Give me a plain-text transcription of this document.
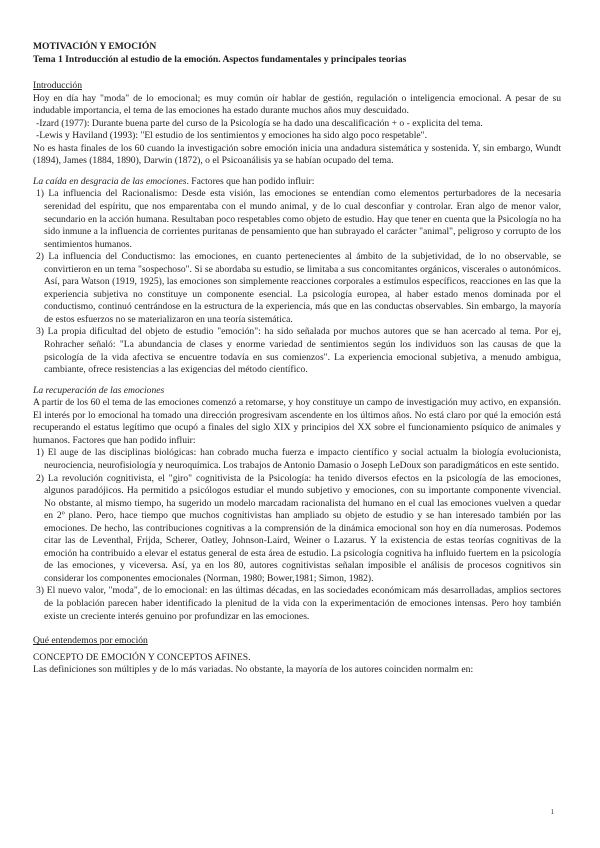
MOTIVACIÓN Y EMOCIÓN

Tema 1 Introducción al estudio de la emoción. Aspectos fundamentales y principales teorias

Introducción

Hoy en día hay "moda" de lo emocional; es muy común oír hablar de gestión, regulación o inteligencia emocional. A pesar de su indudable importancia, el tema de las emociones ha estado durante muchos años muy descuidado.

-Izard (1977): Durante buena parte del curso de la Psicología se ha dado una descalificación + o - explicita del tema.

-Lewis y Haviland (1993): "El estudio de los sentimientos y emociones ha sido algo poco respetable".

No es hasta finales de los 60 cuando la investigación sobre emoción inicia una andadura sistemática y sostenida. Y, sin embargo, Wundt (1894), James (1884, 1890), Darwin (1872), o el Psicoanálisis ya se habían ocupado del tema.

La caída en desgracia de las emociones. Factores que han podido influir:

1) La influencia del Racionalismo: Desde esta visión, las emociones se entendían como elementos perturbadores de la necesaria serenidad del espíritu, que nos emparentaba con el mundo animal, y de lo cual desconfiar y controlar. Eran algo de menor valor, secundario en la acción humana. Resultaban poco respetables como objeto de estudio. Hay que tener en cuenta que la Psicología no ha sido inmune a la influencia de corrientes puritanas de pensamiento que han subrayado el carácter "animal", peligroso y corrupto de los sentimientos humanos.

2) La influencia del Conductismo: las emociones, en cuanto pertenecientes al ámbito de la subjetividad, de lo no observable, se convirtieron en un tema "sospechoso". Si se abordaba su estudio, se limitaba a sus concomitantes orgánicos, viscerales o autonómicos. Así, para Watson (1919, 1925), las emociones son simplemente reacciones corporales a estímulos específicos, reacciones en las que la experiencia subjetiva no constituye un componente esencial. La psicología europea, al haber estado menos dominada por el conductismo, continuó centrándose en la estructura de la experiencia, más que en las conductas observables. Sin embargo, la mayoría de estos esfuerzos no se materializaron en una teoría sistemática.

3) La propia dificultad del objeto de estudio "emoción": ha sido señalada por muchos autores que se han acercado al tema. Por ej, Rohracher señaló: "La abundancia de clases y enorme variedad de sentimientos según los individuos son las causas de que la psicología de la vida afectiva se encuentre todavía en sus comienzos". La experiencia emocional subjetiva, a menudo ambigua, cambiante, ofrece resistencias a las exigencias del método científico.

La recuperación de las emociones

A partir de los 60 el tema de las emociones comenzó a retomarse, y hoy constituye un campo de investigación muy activo, en expansión. El interés por lo emocional ha tomado una dirección progresivam ascendente en los últimos años. No está claro por qué la emoción está recuperando el estatus legítimo que ocupó a finales del siglo XIX y principios del XX sobre el funcionamiento psíquico de animales y humanos. Factores que han podido influir:

1) El auge de las disciplinas biológicas: han cobrado mucha fuerza e impacto científico y social actualm la biología evolucionista, neurociencia, neurofisiología y neuroquímica. Los trabajos de Antonio Damasio o Joseph LeDoux son paradigmáticos en este sentido.

2) La revolución cognitivista, el "giro" cognitivista de la Psicología: ha tenido diversos efectos en la psicología de las emociones, algunos paradójicos. Ha permitido a psicólogos estudiar el mundo subjetivo y emociones, con su importante componente vivencial. No obstante, al mismo tiempo, ha sugerido un modelo marcadam racionalista del humano en el cual las emociones vuelven a quedar en 2º plano. Pero, hace tiempo que muchos cognitivistas han ampliado su objeto de estudio y se han interesado también por las emociones. De hecho, las contribuciones cognitivas a la comprensión de la dinámica emocional son hoy en día numerosas. Podemos citar las de Leventhal, Frijda, Scherer, Oatley, Johnson-Laird, Weiner o Lazarus. Y la existencia de estas teorías cognitivas de la emoción ha contribuido a elevar el estatus general de esta área de estudio. La psicología cognitiva ha influido fuertem en la psicología de las emociones, y viceversa. Así, ya en los 80, autores cognitivistas señalan imposible el análisis de procesos cognitivos sin considerar los componentes emocionales (Norman, 1980; Bower,1981; Simon, 1982).

3) El nuevo valor, "moda", de lo emocional: en las últimas décadas, en las sociedades económicam más desarrolladas, amplios sectores de la población parecen haber identificado la plenitud de la vida con la experimentación de emociones intensas. Pero hoy también existe un creciente interés genuino por profundizar en las emociones.

Qué entendemos por emoción

CONCEPTO DE EMOCIÓN Y CONCEPTOS AFINES.

Las definiciones son múltiples y de lo más variadas. No obstante, la mayoría de los autores coinciden normalm en:

1
